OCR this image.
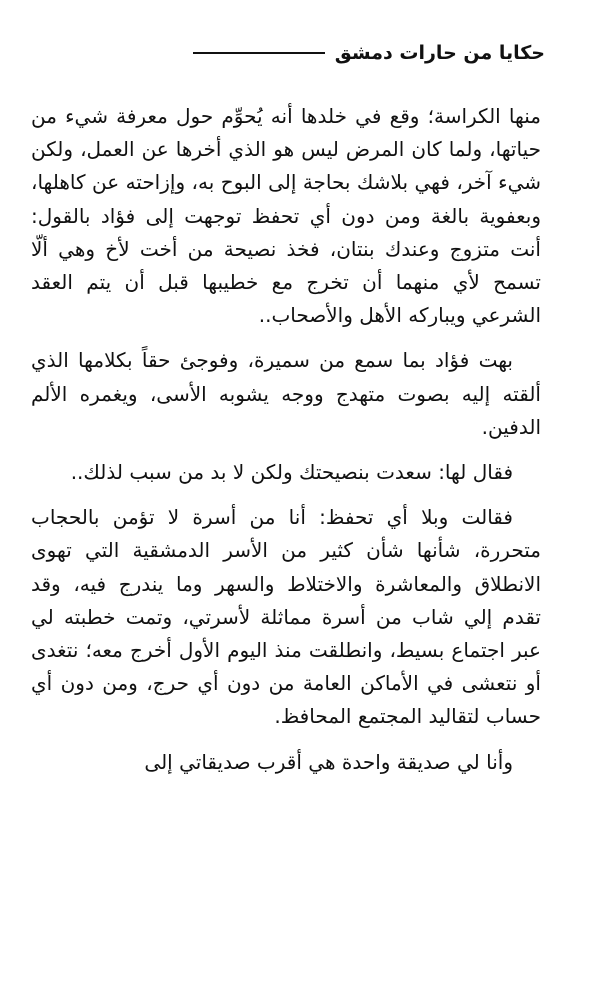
حكايا من حارات دمشق

منها الكراسة؛ وقع في خلدها أنه يُحوِّم حول معرفة شيء من حياتها، ولما كان المرض ليس هو الذي أخرها عن العمل، ولكن شيء آخر، فهي بلاشك بحاجة إلى البوح به، وإزاحته عن كاهلها، وبعفوية بالغة ومن دون أي تحفظ توجهت إلى فؤاد بالقول: أنت متزوج وعندك بنتان، فخذ نصيحة من أخت لأخ وهي ألّا تسمح لأي منهما أن تخرج مع خطيبها قبل أن يتم العقد الشرعي ويباركه الأهل والأصحاب..

بهت فؤاد بما سمع من سميرة، وفوجئ حقاً بكلامها الذي ألقته إليه بصوت متهدج ووجه يشوبه الأسى، ويغمره الألم الدفين.

فقال لها: سعدت بنصيحتك ولكن لا بد من سبب لذلك..

فقالت وبلا أي تحفظ: أنا من أسرة لا تؤمن بالحجاب متحررة، شأنها شأن كثير من الأسر الدمشقية التي تهوى الانطلاق والمعاشرة والاختلاط والسهر وما يندرج فيه، وقد تقدم إلي شاب من أسرة مماثلة لأسرتي، وتمت خطبته لي عبر اجتماع بسيط، وانطلقت منذ اليوم الأول أخرج معه؛ نتغدى أو نتعشى في الأماكن العامة من دون أي حرج، ومن دون أي حساب لتقاليد المجتمع المحافظ.

وأنا لي صديقة واحدة هي أقرب صديقاتي إلى
